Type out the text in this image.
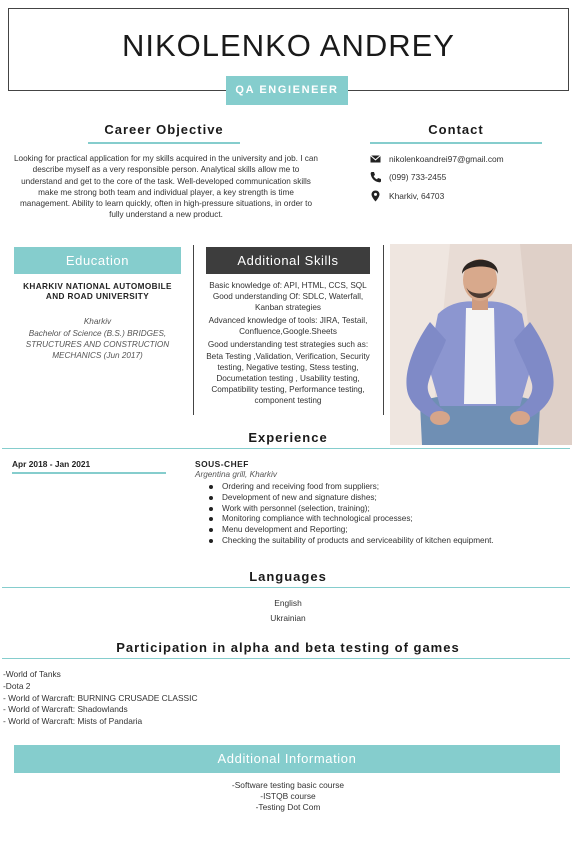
NIKOLENKO ANDREY
QA ENGIENEER
Career Objective
Looking for practical application for my skills acquired in the university and job. I can describe myself as a very responsible person. Analytical skills allow me to understand and get to the core of the task. Well-developed communication skills make me strong both team and individual player, a key strength is time management. Ability to learn quickly, often in high-pressure situations, in order to fully understand a new product.
Contact
nikolenkoandrei97@gmail.com
(099) 733-2455
Kharkiv, 64703
Education
KHARKIV NATIONAL AUTOMOBILE AND ROAD UNIVERSITY
Kharkiv
Bachelor of Science (B.S.) BRIDGES, STRUCTURES AND CONSTRUCTION MECHANICS (Jun 2017)
Additional Skills

Basic knowledge of: API, HTML, CCS, SQL

Good understanding Of: SDLC, Waterfall, Kanban strategies

Advanced knowledge of tools: JIRA, Testail, Confluence,Google.Sheets

Good understanding test strategies such as: Beta Testing ,Validation, Verification, Security testing, Negative testing, Stess testing, Documetation testing , Usability testing, Compatibility testing, Performance testing, component testing

Experience
Apr 2018 - Jan 2021	SOUS-CHEF
Argentina grill, Kharkiv
Ordering and receiving food from suppliers;
Development of new and signature dishes;
Work with personnel (selection, training);
Monitoring compliance with technological processes;
Menu development and Reporting;
Checking the suitability of products and serviceability of kitchen equipment.
Languages
English
Ukrainian
Participation in alpha and beta testing of games
-World of Tanks
-Dota 2
- World of Warcraft: BURNING CRUSADE CLASSIC
- World of Warcraft: Shadowlands
- World of Warcraft: Mists of Pandaria
Additional Information
-Software testing basic course
-ISTQB course
-Testing Dot Com
